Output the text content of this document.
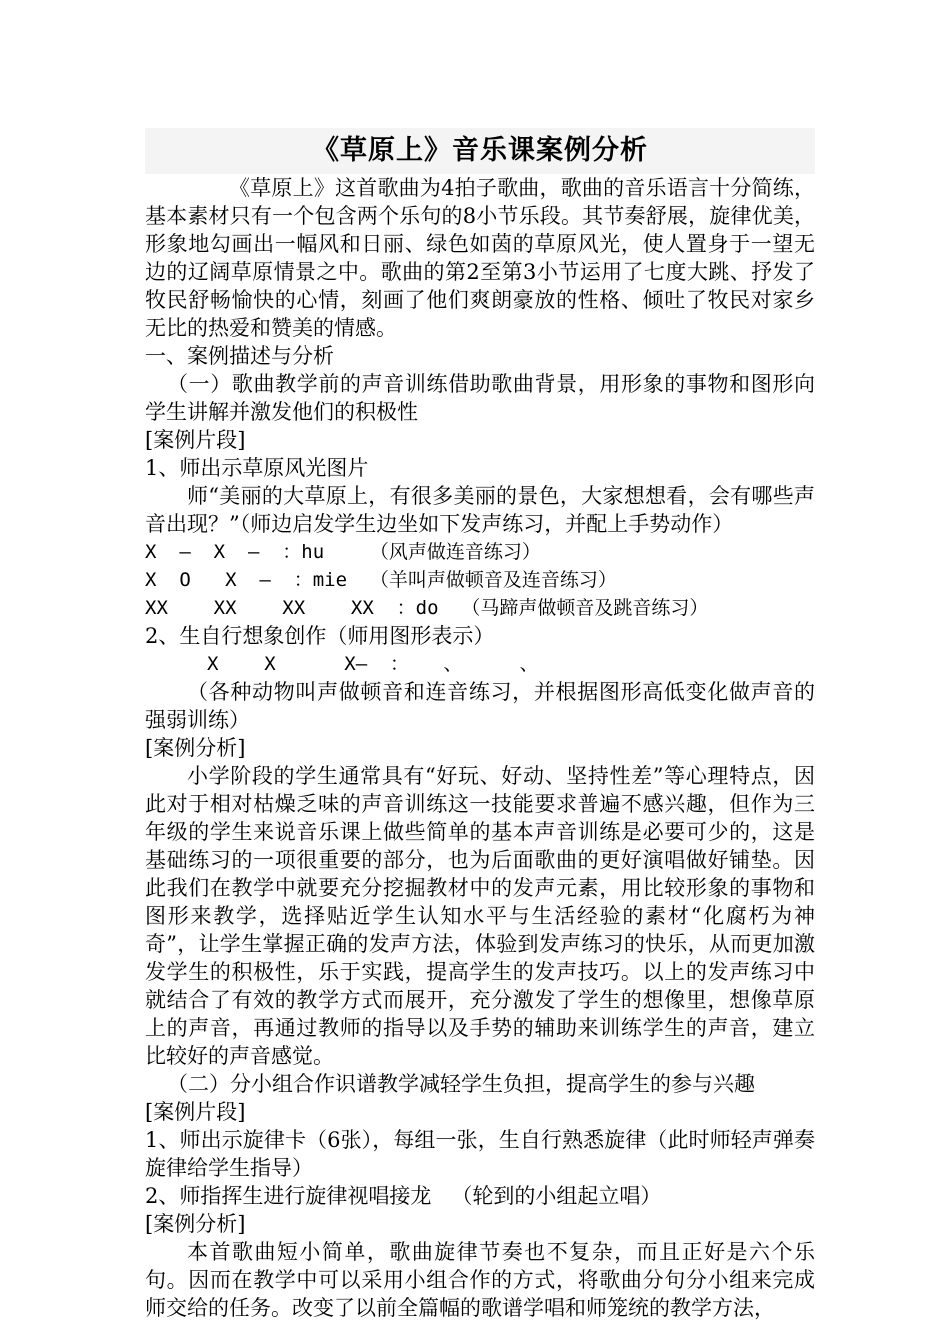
《草原上》音乐课案例分析

《草原上》这首歌曲为4拍子歌曲，歌曲的音乐语言十分简练，基本素材只有一个包含两个乐句的8小节乐段。其节奏舒展，旋律优美，形象地勾画出一幅风和日丽、绿色如茵的草原风光，使人置身于一望无边的辽阔草原情景之中。歌曲的第2至第3小节运用了七度大跳、抒发了牧民舒畅愉快的心情，刻画了他们爽朗豪放的性格、倾吐了牧民对家乡无比的热爱和赞美的情感。

一、案例描述与分析

（一）歌曲教学前的声音训练借助歌曲背景，用形象的事物和图形向学生讲解并激发他们的积极性

[案例片段]

1、师出示草原风光图片

师“美丽的大草原上，有很多美丽的景色，大家想想看，会有哪些声音出现？”（师边启发学生边坐如下发声练习，并配上手势动作）

X  —  X  —  ：hu    （风声做连音练习）

X  O   X  —  ：mie  （羊叫声做顿音及连音练习）

XX    XX    XX    XX  ：do  （马蹄声做顿音及跳音练习）

2、生自行想象创作（师用图形表示）

X    X      X—  ：   、     、

（各种动物叫声做顿音和连音练习，并根据图形高低变化做声音的强弱训练）

[案例分析]

小学阶段的学生通常具有“好玩、好动、坚持性差”等心理特点，因此对于相对枯燥乏味的声音训练这一技能要求普遍不感兴趣，但作为三年级的学生来说音乐课上做些简单的基本声音训练是必要可少的，这是基础练习的一项很重要的部分，也为后面歌曲的更好演唱做好铺垫。因此我们在教学中就要充分挖掘教材中的发声元素，用比较形象的事物和图形来教学，选择贴近学生认知水平与生活经验的素材“化腐朽为神奇”，让学生掌握正确的发声方法，体验到发声练习的快乐，从而更加激发学生的积极性，乐于实践，提高学生的发声技巧。以上的发声练习中就结合了有效的教学方式而展开，充分激发了学生的想像里，想像草原上的声音，再通过教师的指导以及手势的辅助来训练学生的声音，建立比较好的声音感觉。

（二）分小组合作识谱教学减轻学生负担，提高学生的参与兴趣

[案例片段]

1、师出示旋律卡（6张），每组一张，生自行熟悉旋律（此时师轻声弹奏旋律给学生指导）

2、师指挥生进行旋律视唱接龙   （轮到的小组起立唱）

[案例分析]

本首歌曲短小简单，歌曲旋律节奏也不复杂，而且正好是六个乐句。因而在教学中可以采用小组合作的方式，将歌曲分句分小组来完成师交给的任务。改变了以前全篇幅的歌谱学唱和师笼统的教学方法，
